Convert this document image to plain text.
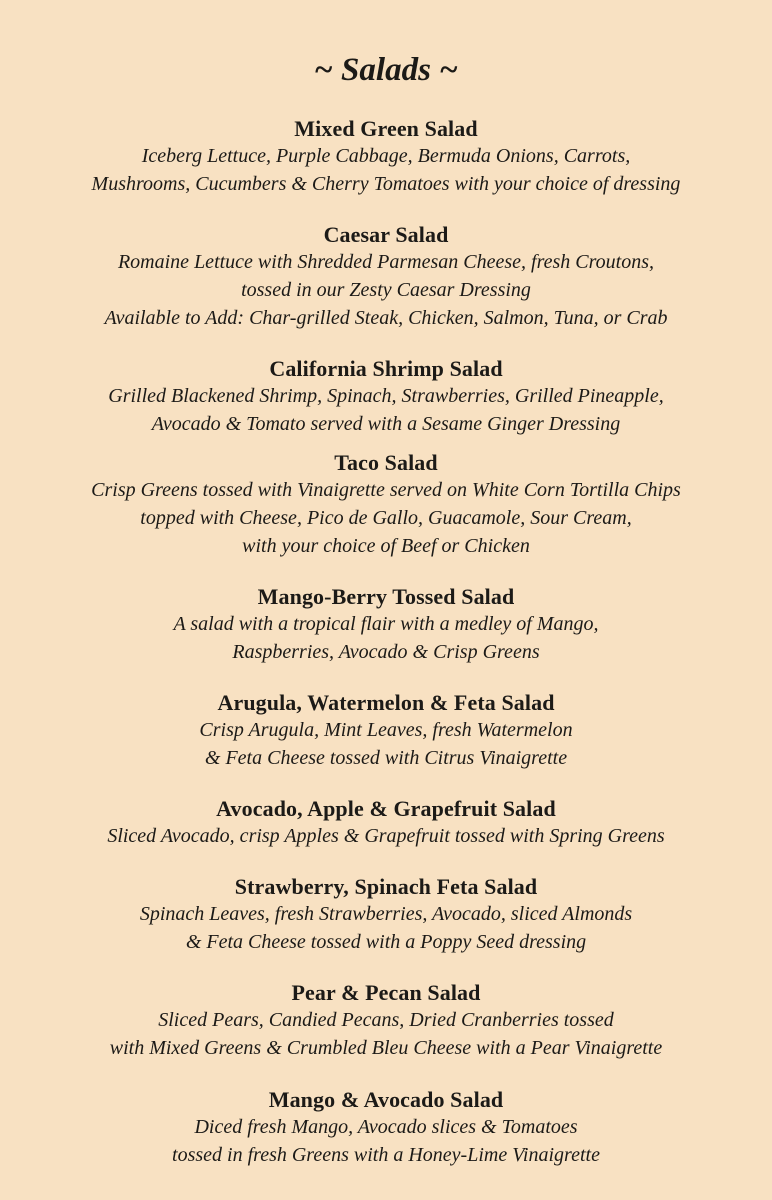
~ Salads ~
Mixed Green Salad
Iceberg Lettuce, Purple Cabbage, Bermuda Onions, Carrots,
Mushrooms, Cucumbers & Cherry Tomatoes with your choice of dressing
Caesar Salad
Romaine Lettuce with Shredded Parmesan Cheese, fresh Croutons,
tossed in our Zesty Caesar Dressing
Available to Add: Char-grilled Steak, Chicken, Salmon, Tuna, or Crab
California Shrimp Salad
Grilled Blackened Shrimp, Spinach, Strawberries, Grilled Pineapple,
Avocado & Tomato served with a Sesame Ginger Dressing
Taco Salad
Crisp Greens tossed with Vinaigrette served on White Corn Tortilla Chips
topped with Cheese, Pico de Gallo, Guacamole, Sour Cream,
with your choice of Beef or Chicken
Mango-Berry Tossed Salad
A salad with a tropical flair with a medley of Mango,
Raspberries, Avocado & Crisp Greens
Arugula, Watermelon & Feta Salad
Crisp Arugula, Mint Leaves, fresh Watermelon
& Feta Cheese tossed with Citrus Vinaigrette
Avocado, Apple & Grapefruit Salad
Sliced Avocado, crisp Apples & Grapefruit tossed with Spring Greens
Strawberry, Spinach Feta Salad
Spinach Leaves, fresh Strawberries, Avocado, sliced Almonds
& Feta Cheese tossed with a Poppy Seed dressing
Pear & Pecan Salad
Sliced Pears, Candied Pecans, Dried Cranberries tossed
with Mixed Greens & Crumbled Bleu Cheese with a Pear Vinaigrette
Mango & Avocado Salad
Diced fresh Mango, Avocado slices & Tomatoes
tossed in fresh Greens with a Honey-Lime Vinaigrette
